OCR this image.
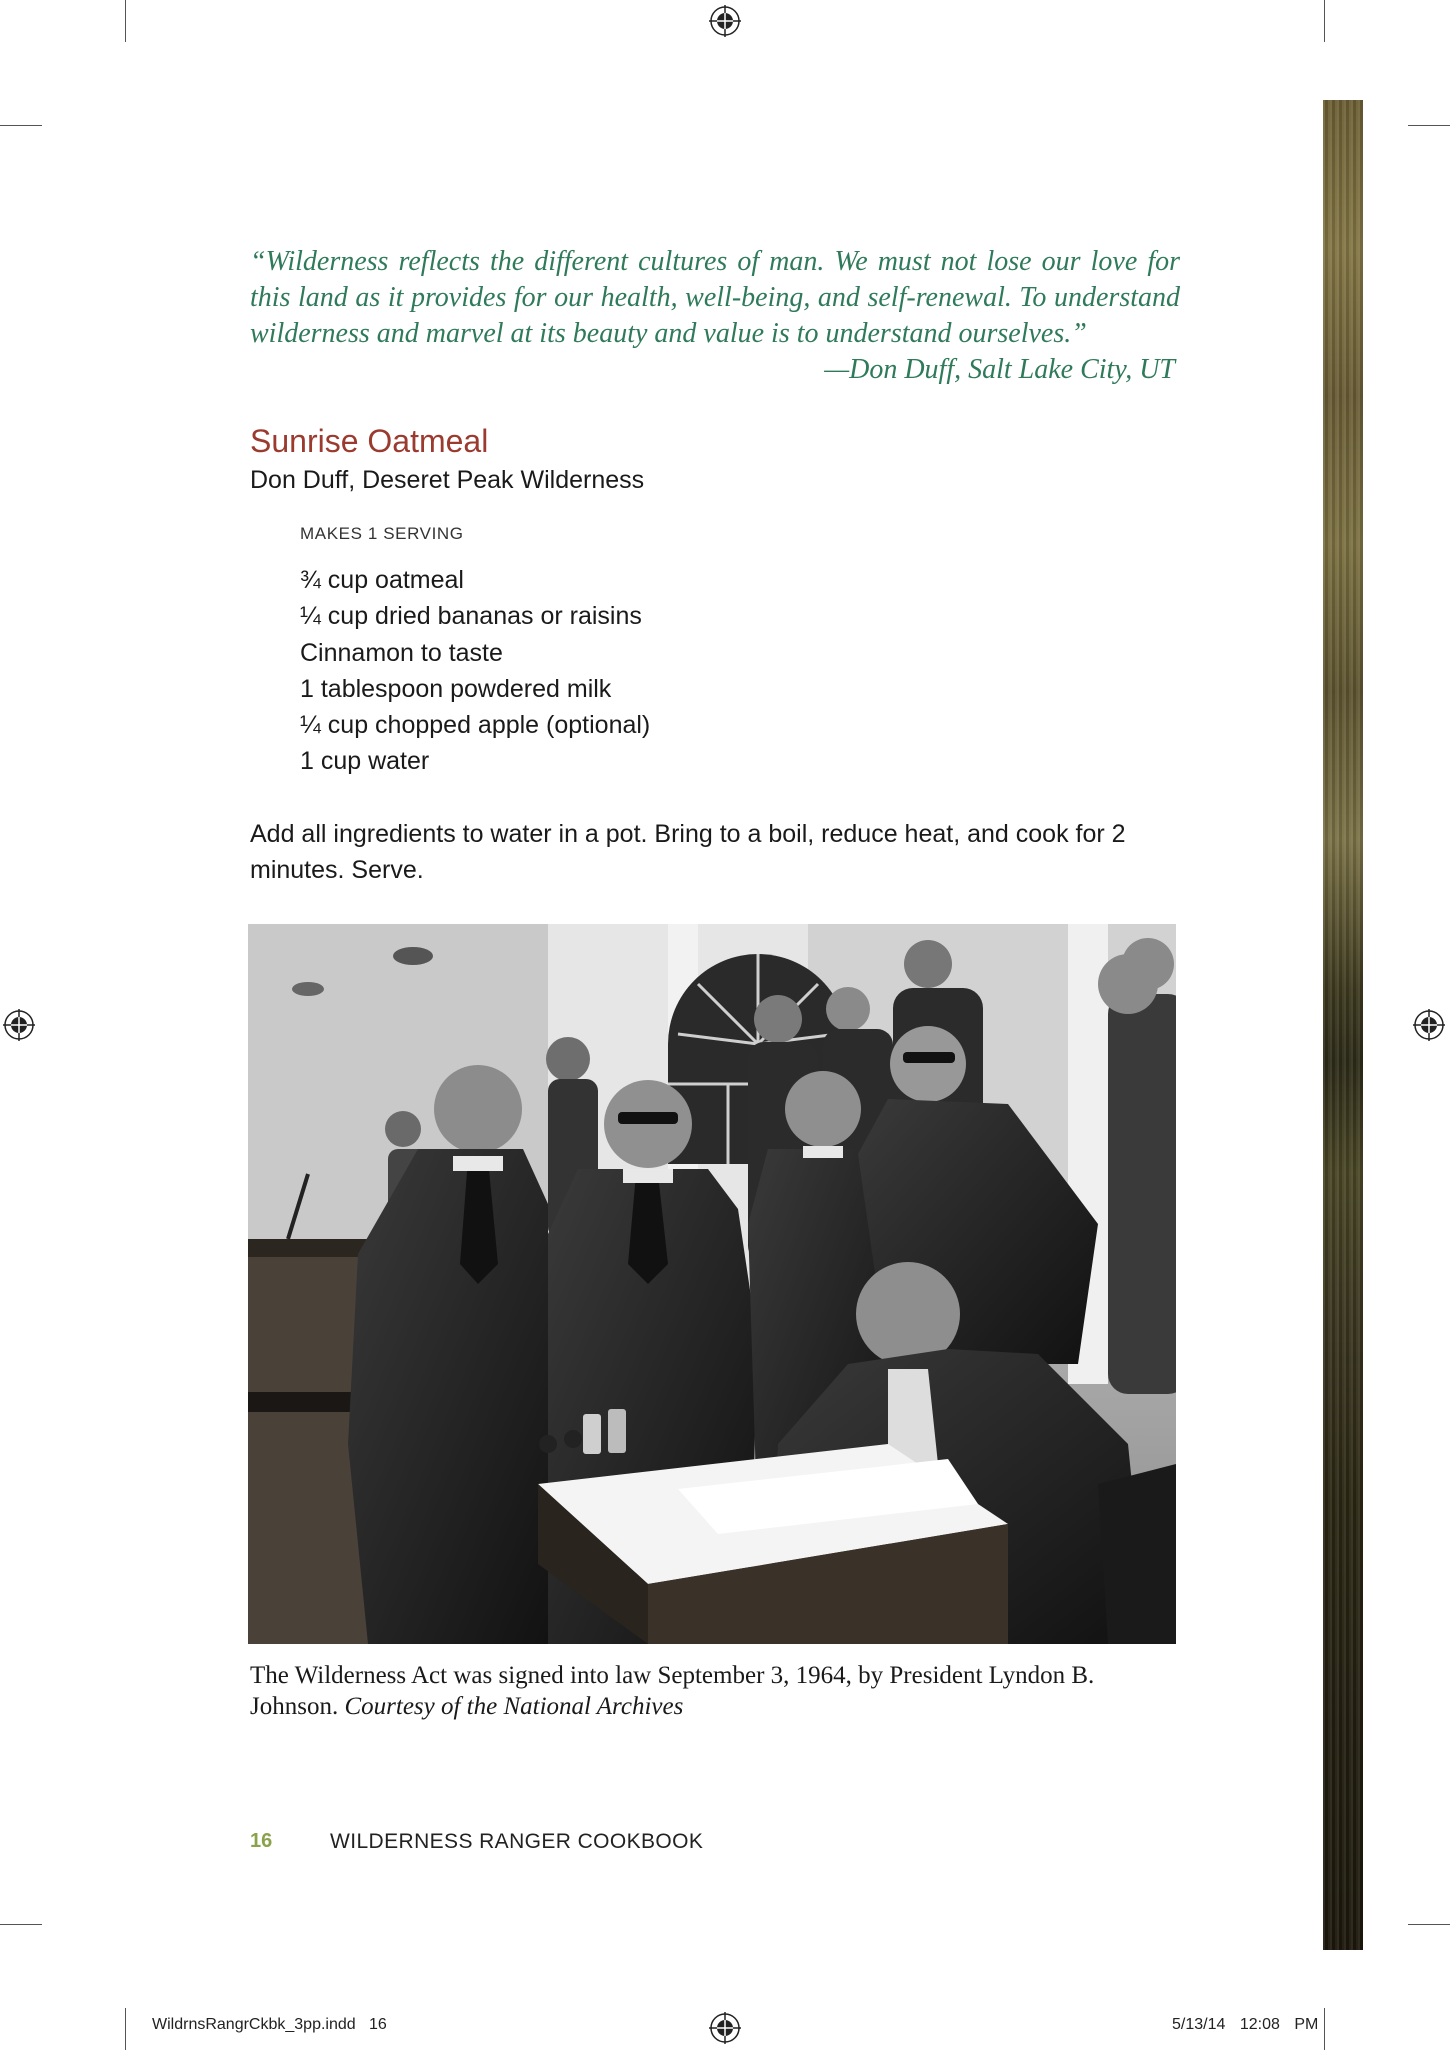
“Wilderness reflects the different cultures of man. We must not lose our love for this land as it provides for our health, well-being, and self-renewal. To understand wilderness and marvel at its beauty and value is to understand ourselves.”

—Don Duff, Salt Lake City, UT
Sunrise Oatmeal
Don Duff, Deseret Peak Wilderness
MAKES 1 SERVING
¾ cup oatmeal
¼ cup dried bananas or raisins
Cinnamon to taste
1 tablespoon powdered milk
¼ cup chopped apple (optional)
1 cup water

Add all ingredients to water in a pot. Bring to a boil, reduce heat, and cook for 2 minutes. Serve.

The Wilderness Act was signed into law September 3, 1964, by President Lyndon B. Johnson. Courtesy of the National Archives

16	WILDERNESS RANGER COOKBOOK
WildrnsRangrCkbk_3pp.indd   16	5/13/14 12:08 PM
